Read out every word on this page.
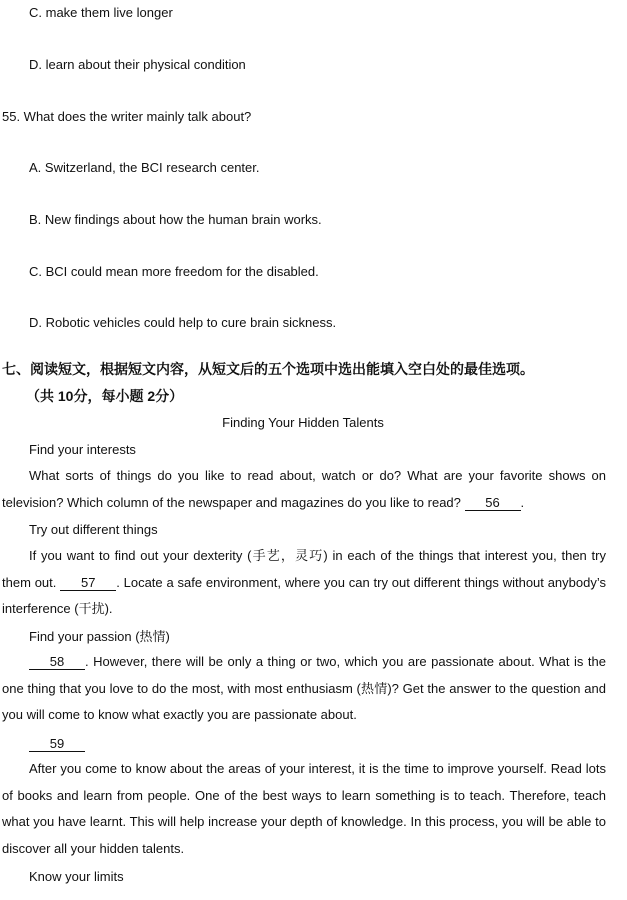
C. make them live longer
D. learn about their physical condition
55. What does the writer mainly talk about?
A. Switzerland, the BCI research center.
B. New findings about how the human brain works.
C. BCI could mean more freedom for the disabled.
D. Robotic vehicles could help to cure brain sickness.
七、阅读短文，根据短文内容，从短文后的五个选项中选出能填入空白处的最佳选项。
（共 10分，每小题 2分）
Finding Your Hidden Talents
Find your interests
What sorts of things do you like to read about, watch or do? What are your favorite shows on television? Which column of the newspaper and magazines do you like to read? 56 .
Try out different things
If you want to find out your dexterity (手艺，灵巧) in each of the things that interest you, then try them out. 57 . Locate a safe environment, where you can try out different things without anybody’s interference (干扰).
Find your passion (热情)
58 . However, there will be only a thing or two, which you are passionate about. What is the one thing that you love to do the most, with most enthusiasm (热情)? Get the answer to the question and you will come to know what exactly you are passionate about.
59
After you come to know about the areas of your interest, it is the time to improve yourself. Read lots of books and learn from people. One of the best ways to learn something is to teach. Therefore, teach what you have learnt. This will help increase your depth of knowledge. In this process, you will be able to discover all your hidden talents.
Know your limits
